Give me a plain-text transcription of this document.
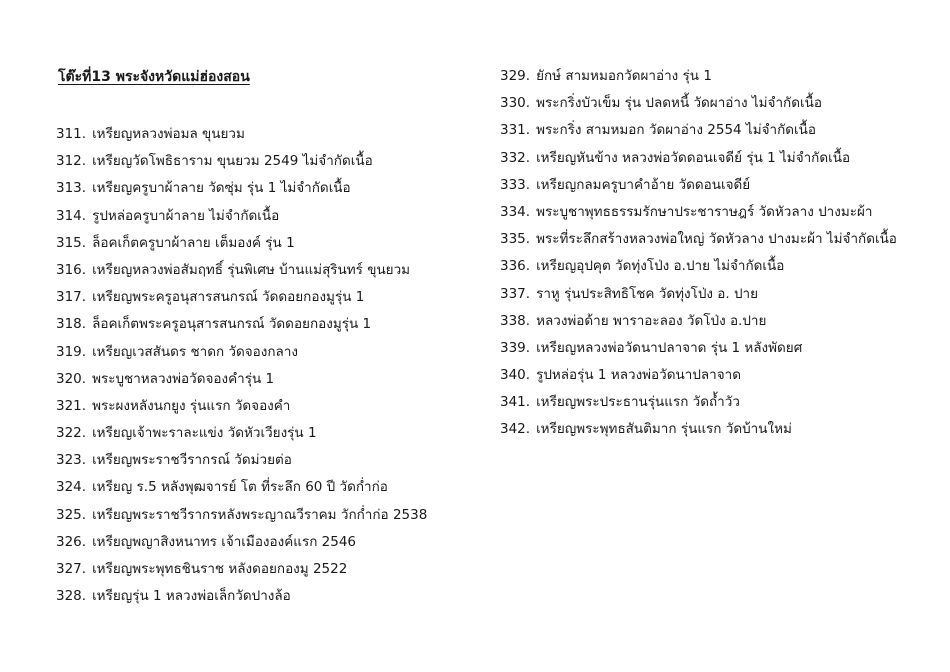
โต๊ะที่13 พระจังหวัดแม่ฮ่องสอน
311. เหรียญหลวงพ่อมล ขุนยวม
312. เหรียญวัดโพธิธาราม ขุนยวม 2549 ไม่จำกัดเนื้อ
313. เหรียญครูบาผ้าลาย วัดซุ่ม รุ่น 1 ไม่จำกัดเนื้อ
314. รูปหล่อครูบาผ้าลาย ไม่จำกัดเนื้อ
315. ล็อคเก็ตครูบาผ้าลาย เต็มองค์ รุ่น 1
316. เหรียญหลวงพ่อสัมฤทธิ์ รุ่นพิเศษ บ้านแม่สุรินทร์ ขุนยวม
317. เหรียญพระครูอนุสารสนกรณ์ วัดดอยกองมูรุ่น 1
318. ล็อคเก็ตพระครูอนุสารสนกรณ์ วัดดอยกองมูรุ่น 1
319. เหรียญเวสสันดร ชาดก วัดจองกลาง
320. พระบูชาหลวงพ่อวัดจองคำรุ่น 1
321. พระผงหลังนกยูง รุ่นแรก วัดจองคำ
322. เหรียญเจ้าพะราละแข่ง วัดหัวเวียงรุ่น 1
323. เหรียญพระราชวีรากรณ์ วัดม่วยต่อ
324. เหรียญ ร.5 หลังพุฒจารย์ โต ที่ระลึก 60 ปี วัดก่ำก่อ
325. เหรียญพระราชวีรากรหลังพระญาณวีราคม วักก่ำก่อ 2538
326. เหรียญพญาสิงหนาทร เจ้าเมืององค์แรก 2546
327. เหรียญพระพุทธชินราช หลังดอยกองมู 2522
328. เหรียญรุ่น 1 หลวงพ่อเล็กวัดปางล้อ
329. ยักษ์ สามหมอกวัดผาอ่าง รุ่น 1
330. พระกริ่งบัวเข็ม รุ่น ปลดหนี้ วัดผาอ่าง ไม่จำกัดเนื้อ
331. พระกริ่ง สามหมอก วัดผาอ่าง 2554 ไม่จำกัดเนื้อ
332. เหรียญหันข้าง หลวงพ่อวัดดอนเจดีย์ รุ่น 1 ไม่จำกัดเนื้อ
333. เหรียญกลมครูบาคำอ้าย วัดดอนเจดีย์
334. พระบูชาพุทธธรรมรักษาประชาราษฎร์ วัดหัวลาง ปางมะผ้า
335. พระที่ระลึกสร้างหลวงพ่อใหญ่ วัดหัวลาง ปางมะผ้า ไม่จำกัดเนื้อ
336. เหรียญอุปคุต วัดทุ่งโป่ง อ.ปาย ไม่จำกัดเนื้อ
337. ราหู รุ่นประสิทธิโชค วัดทุ่งโป่ง อ. ปาย
338. หลวงพ่อด้าย พาราอะลอง วัดโป่ง อ.ปาย
339. เหรียญหลวงพ่อวัดนาปลาจาด รุ่น 1 หลังพัดยศ
340. รูปหล่อรุ่น 1 หลวงพ่อวัดนาปลาจาด
341. เหรียญพระประธานรุ่นแรก วัดถ้ำวัว
342. เหรียญพระพุทธสันติมาก รุ่นแรก วัดบ้านใหม่
